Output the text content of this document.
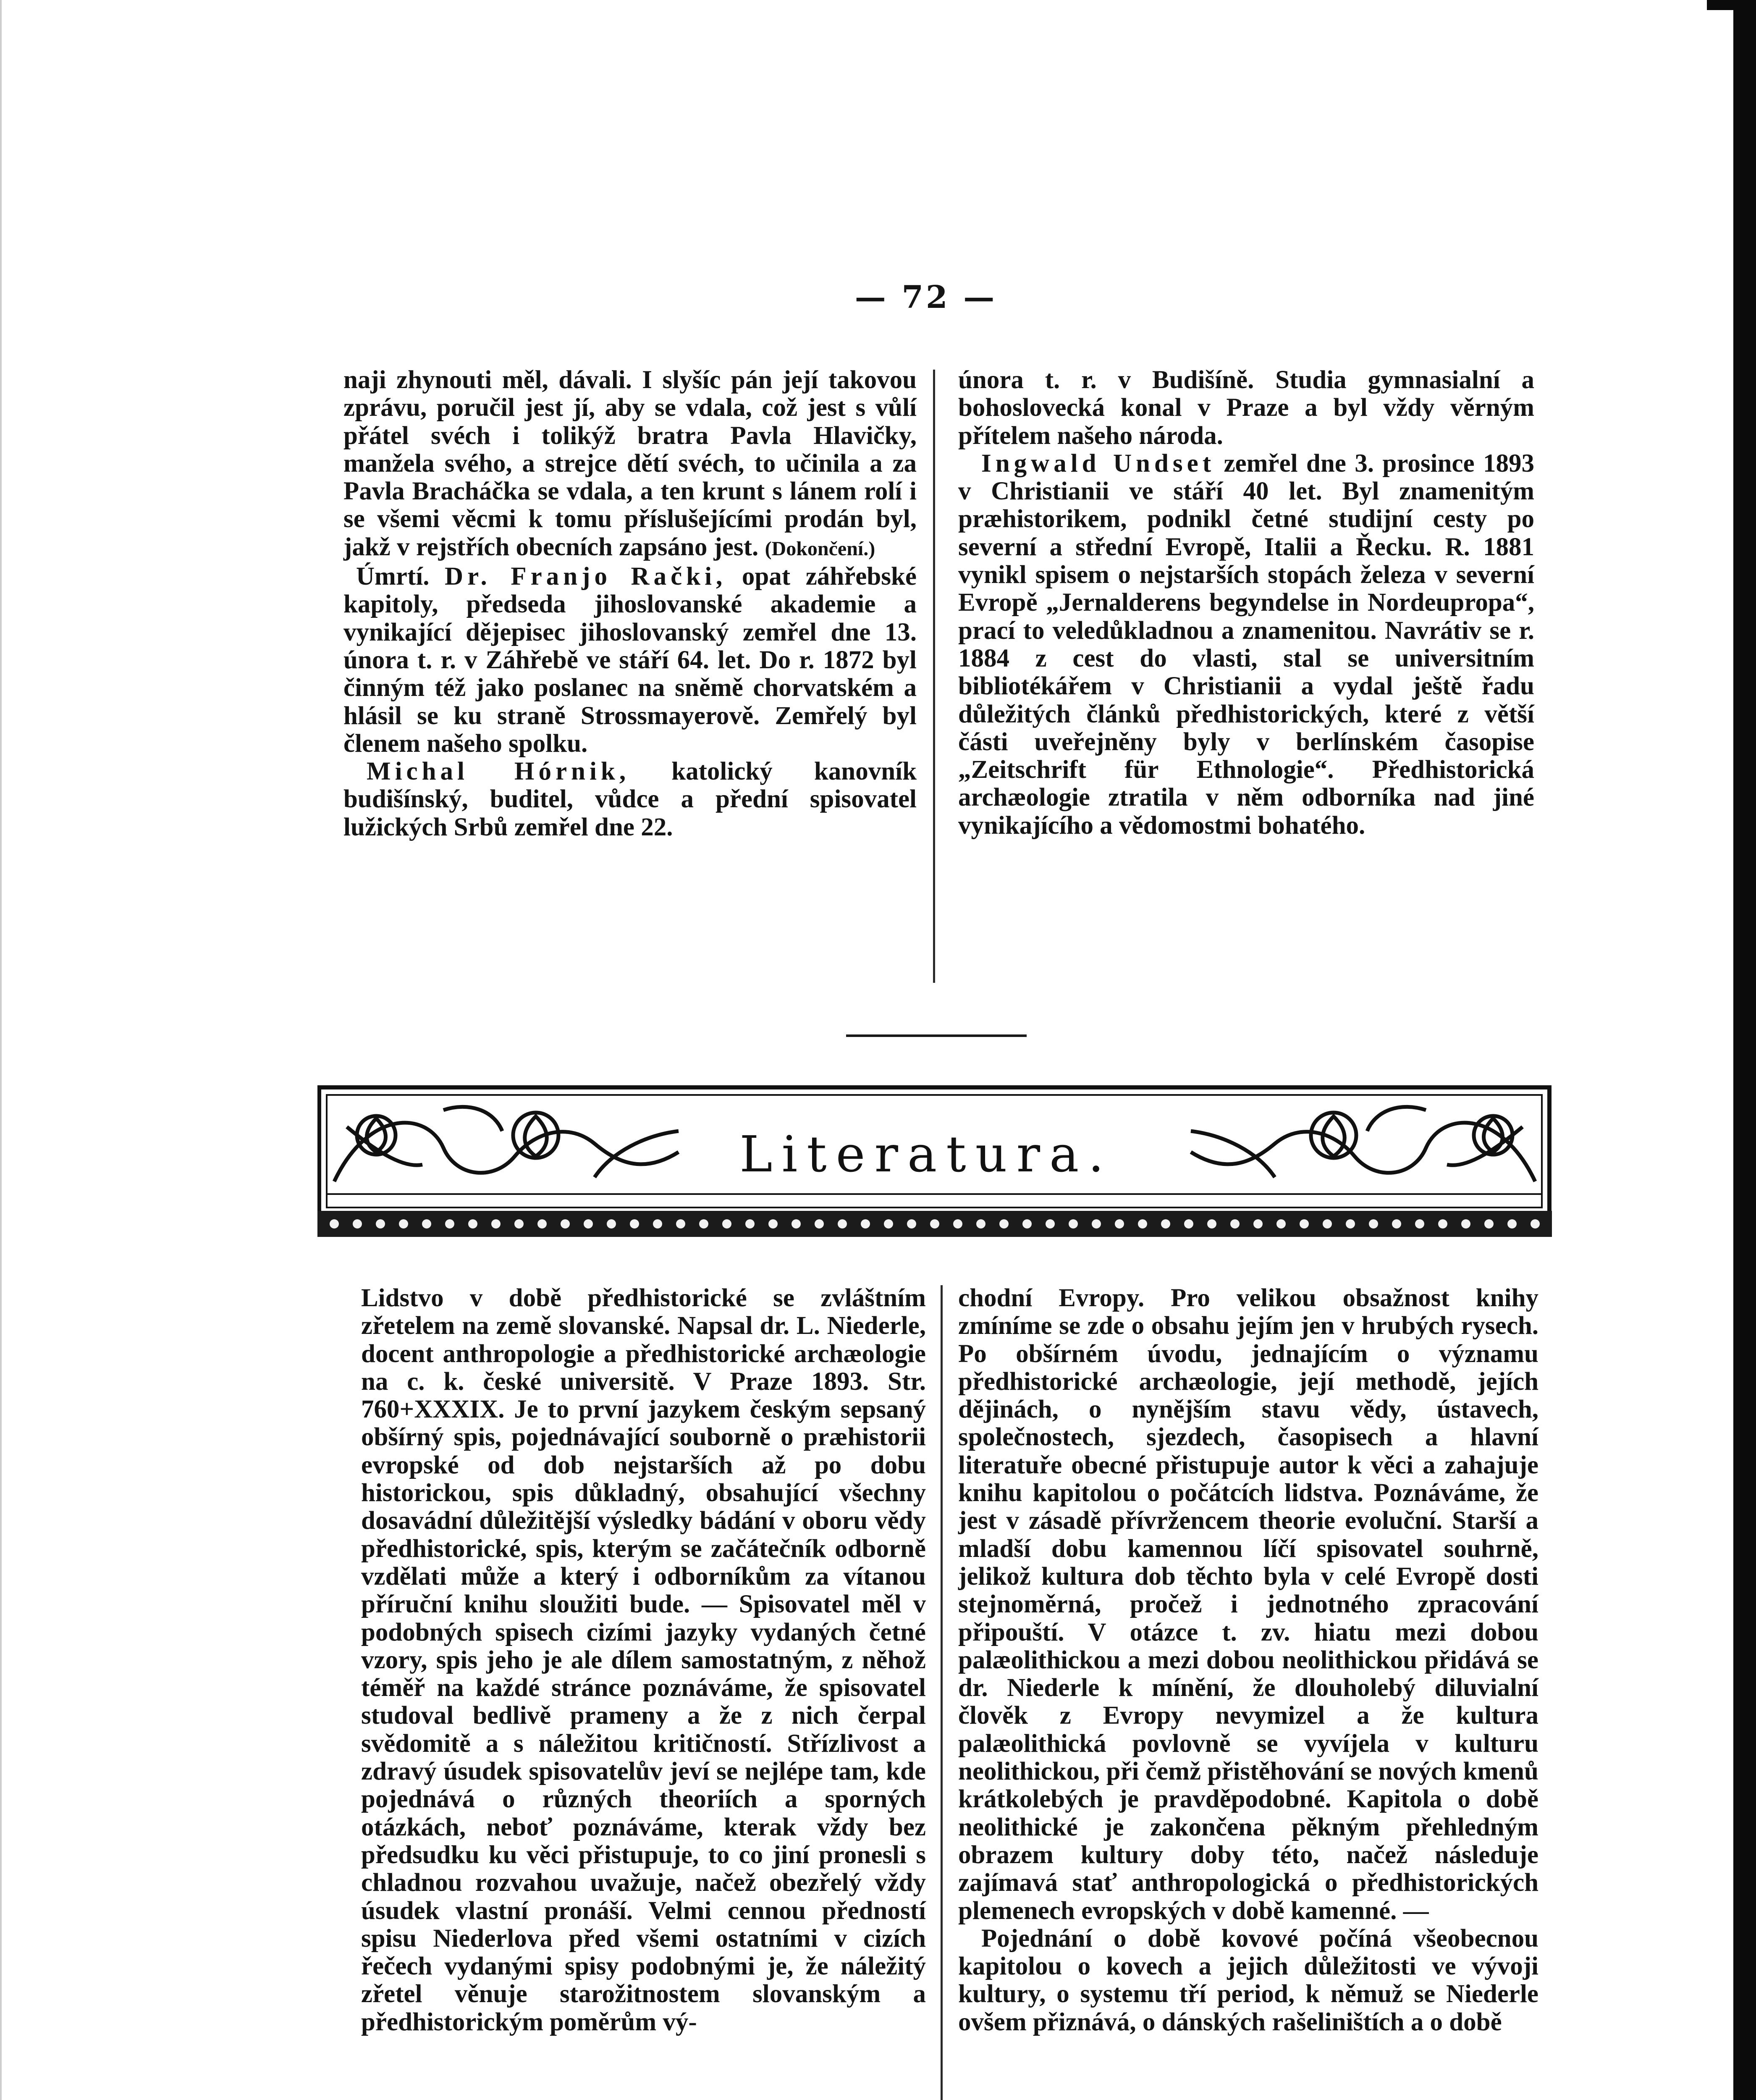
— 72 —

naji zhynouti měl, dávali. I slyšíc pán její takovou zprávu, poručil jest jí, aby se vdala, což jest s vůlí přátel svéch i tolikýž bratra Pavla Hlavičky, manžela svého, a strejce dětí svéch, to učinila a za Pavla Bracháčka se vdala, a ten krunt s lánem rolí i se všemi věcmi k tomu příslušejícími prodán byl, jakž v rejstřích obecních zapsáno jest. (Dokončení.)

Úmrtí. Dr. Franjo Rački, opat záhřebské kapitoly, předseda jihoslovanské akademie a vynikající dějepisec jihoslovanský zemřel dne 13. února t. r. v Záhřebě ve stáří 64. let. Do r. 1872 byl činným též jako poslanec na sněmě chorvatském a hlásil se ku straně Strossmayerově. Zemřelý byl členem našeho spolku.

Michal Hórnik, katolický kanovník budišínský, buditel, vůdce a přední spisovatel lužických Srbů zemřel dne 22.

února t. r. v Budišíně. Studia gymnasialní a bohoslovecká konal v Praze a byl vždy věrným přítelem našeho národa.

Ingwald Undset zemřel dne 3. prosince 1893 v Christianii ve stáří 40 let. Byl znamenitým præhistorikem, podnikl četné studijní cesty po severní a střední Evropě, Italii a Řecku. R. 1881 vynikl spisem o nejstarších stopách železa v severní Evropě „Jernalderens begyndelse in Nordeupropa“, prací to veledůkladnou a znamenitou. Navrátiv se r. 1884 z cest do vlasti, stal se universitním bibliotékářem v Christianii a vydal ještě řadu důležitých článků předhistorických, které z větší části uveřejněny byly v berlínském časopise „Zeitschrift für Ethnologie“. Předhistorická archæologie ztratila v něm odborníka nad jiné vynikajícího a vědomostmi bohatého.

Literatura.

Lidstvo v době předhistorické se zvláštním zřetelem na země slovanské. Napsal dr. L. Niederle, docent anthropologie a předhistorické archæologie na c. k. české universitě. V Praze 1893. Str. 760+XXXIX. Je to první jazykem českým sepsaný obšírný spis, pojednávající souborně o præhistorii evropské od dob nejstarších až po dobu historickou, spis důkladný, obsahující všechny dosavádní důležitější výsledky bádání v oboru vědy předhistorické, spis, kterým se začátečník odborně vzdělati může a který i odborníkům za vítanou příruční knihu sloužiti bude. — Spisovatel měl v podobných spisech cizími jazyky vydaných četné vzory, spis jeho je ale dílem samostatným, z něhož téměř na každé stránce poznáváme, že spisovatel studoval bedlivě prameny a že z nich čerpal svědomitě a s náležitou kritičností. Střízlivost a zdravý úsudek spisovatelův jeví se nejlépe tam, kde pojednává o různých theoriích a sporných otázkách, neboť poznáváme, kterak vždy bez předsudku ku věci přistupuje, to co jiní pronesli s chladnou rozvahou uvažuje, načež obezřelý vždy úsudek vlastní pronáší. Velmi cennou předností spisu Niederlova před všemi ostatními v cizích řečech vydanými spisy podobnými je, že náležitý zřetel věnuje starožitnostem slovanským a předhistorickým poměrům vý-

chodní Evropy. Pro velikou obsažnost knihy zmíníme se zde o obsahu jejím jen v hrubých rysech. Po obšírném úvodu, jednajícím o významu předhistorické archæologie, její methodě, jejích dějinách, o nynějším stavu vědy, ústavech, společnostech, sjezdech, časopisech a hlavní literatuře obecné přistupuje autor k věci a zahajuje knihu kapitolou o počátcích lidstva. Poznáváme, že jest v zásadě přívržencem theorie evoluční. Starší a mladší dobu kamennou líčí spisovatel souhrně, jelikož kultura dob těchto byla v celé Evropě dosti stejnoměrná, pročež i jednotného zpracování připouští. V otázce t. zv. hiatu mezi dobou palæolithickou a mezi dobou neolithickou přidává se dr. Niederle k mínění, že dlouholebý diluvialní člověk z Evropy nevymizel a že kultura palæolithická povlovně se vyvíjela v kulturu neolithickou, při čemž přistěhování se nových kmenů krátkolebých je pravděpodobné. Kapitola o době neolithické je zakončena pěkným přehledným obrazem kultury doby této, načež následuje zajímavá stať anthropologická o předhistorických plemenech evropských v době kamenné. —

Pojednání o době kovové počíná všeobecnou kapitolou o kovech a jejich důležitosti ve vývoji kultury, o systemu tří period, k němuž se Niederle ovšem přiznává, o dánských rašeliništích a o době
